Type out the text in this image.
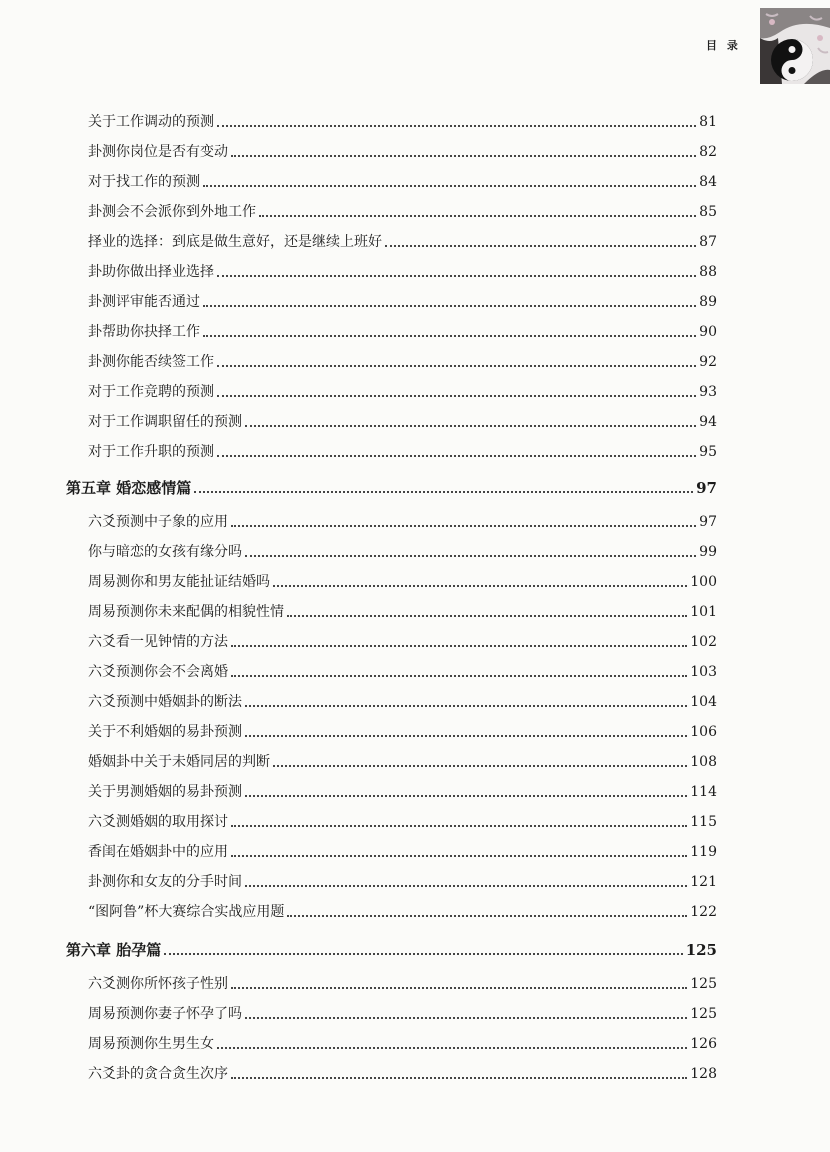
目 录
关于工作调动的预测	81
卦测你岗位是否有变动	82
对于找工作的预测	84
卦测会不会派你到外地工作	85
择业的选择：到底是做生意好，还是继续上班好	87
卦助你做出择业选择	88
卦测评审能否通过	89
卦帮助你抉择工作	90
卦测你能否续签工作	92
对于工作竞聘的预测	93
对于工作调职留任的预测	94
对于工作升职的预测	95
第五章 婚恋感情篇	97
六爻预测中子象的应用	97
你与暗恋的女孩有缘分吗	99
周易测你和男友能扯证结婚吗	100
周易预测你未来配偶的相貌性情	101
六爻看一见钟情的方法	102
六爻预测你会不会离婚	103
六爻预测中婚姻卦的断法	104
关于不利婚姻的易卦预测	106
婚姻卦中关于未婚同居的判断	108
关于男测婚姻的易卦预测	114
六爻测婚姻的取用探讨	115
香闺在婚姻卦中的应用	119
卦测你和女友的分手时间	121
“图阿鲁”杯大赛综合实战应用题	122
第六章 胎孕篇	125
六爻测你所怀孩子性别	125
周易预测你妻子怀孕了吗	125
周易预测你生男生女	126
六爻卦的贪合贪生次序	128
